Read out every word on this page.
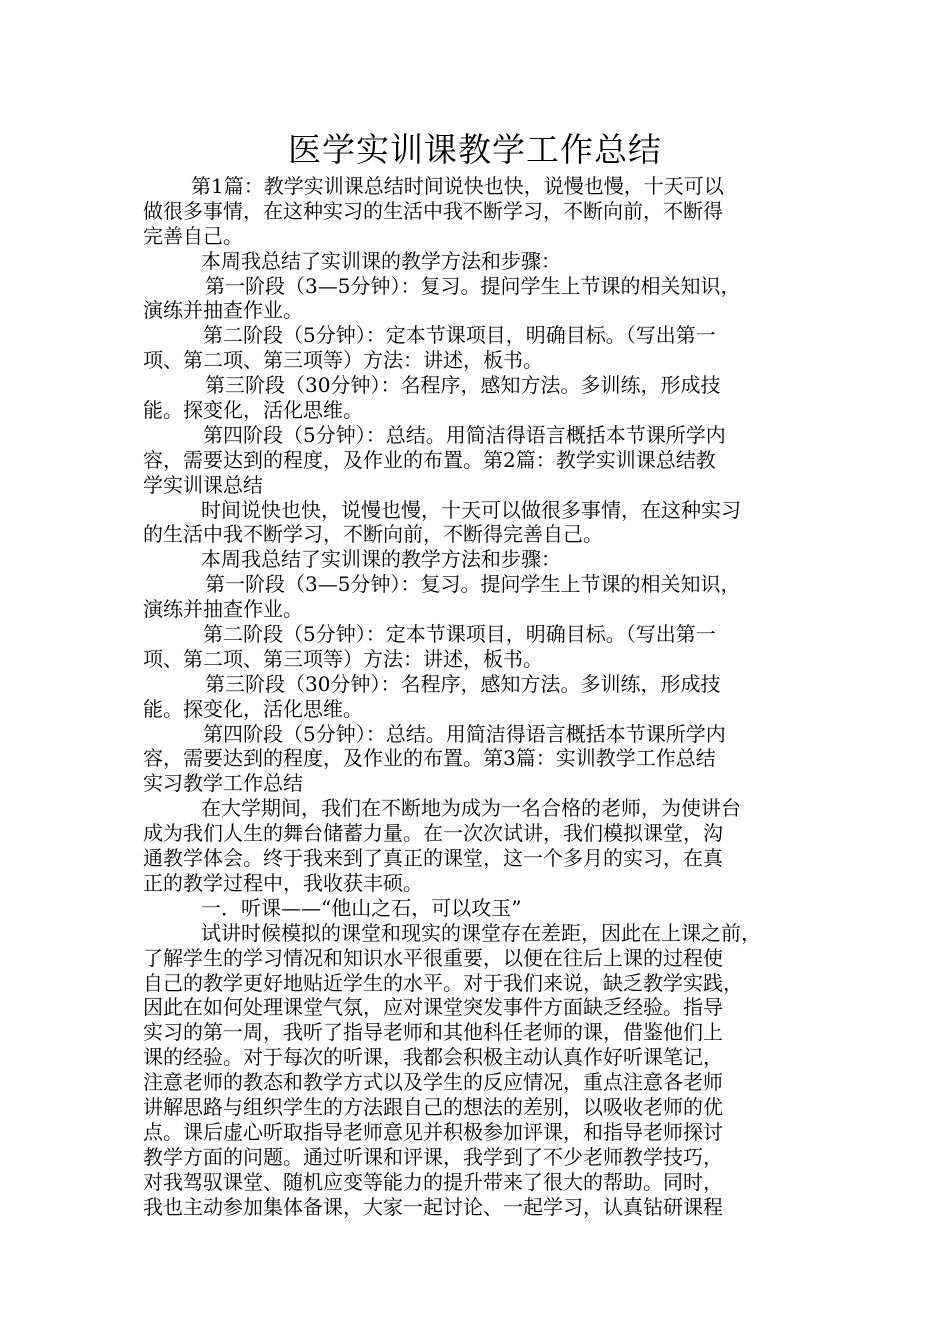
医学实训课教学工作总结
第1篇：教学实训课总结时间说快也快，说慢也慢，十天可以
做很多事情，在这种实习的生活中我不断学习，不断向前，不断得
完善自己。
本周我总结了实训课的教学方法和步骤：
第一阶段（3—5分钟）：复习。提问学生上节课的相关知识，
演练并抽查作业。
第二阶段（5分钟）：定本节课项目，明确目标。（写出第一
项、第二项、第三项等）方法：讲述，板书。
第三阶段（30分钟）：名程序，感知方法。多训练，形成技
能。探变化，活化思维。
第四阶段（5分钟）：总结。用简洁得语言概括本节课所学内
容，需要达到的程度，及作业的布置。第2篇：教学实训课总结教
学实训课总结
时间说快也快，说慢也慢，十天可以做很多事情，在这种实习
的生活中我不断学习，不断向前，不断得完善自己。
本周我总结了实训课的教学方法和步骤：
第一阶段（3—5分钟）：复习。提问学生上节课的相关知识，
演练并抽查作业。
第二阶段（5分钟）：定本节课项目，明确目标。（写出第一
项、第二项、第三项等）方法：讲述，板书。
第三阶段（30分钟）：名程序，感知方法。多训练，形成技
能。探变化，活化思维。
第四阶段（5分钟）：总结。用简洁得语言概括本节课所学内
容，需要达到的程度，及作业的布置。第3篇：实训教学工作总结
实习教学工作总结
在大学期间，我们在不断地为成为一名合格的老师，为使讲台
成为我们人生的舞台储蓄力量。在一次次试讲，我们模拟课堂，沟
通教学体会。终于我来到了真正的课堂，这一个多月的实习，在真
正的教学过程中，我收获丰硕。
一．听课——“他山之石，可以攻玉”
试讲时候模拟的课堂和现实的课堂存在差距，因此在上课之前，
了解学生的学习情况和知识水平很重要，以便在往后上课的过程使
自己的教学更好地贴近学生的水平。对于我们来说，缺乏教学实践，
因此在如何处理课堂气氛，应对课堂突发事件方面缺乏经验。指导
实习的第一周，我听了指导老师和其他科任老师的课，借鉴他们上
课的经验。对于每次的听课，我都会积极主动认真作好听课笔记，
注意老师的教态和教学方式以及学生的反应情况，重点注意各老师
讲解思路与组织学生的方法跟自己的想法的差别，以吸收老师的优
点。课后虚心听取指导老师意见并积极参加评课，和指导老师探讨
教学方面的问题。通过听课和评课，我学到了不少老师教学技巧，
对我驾驭课堂、随机应变等能力的提升带来了很大的帮助。同时，
我也主动参加集体备课，大家一起讨论、一起学习，认真钻研课程
